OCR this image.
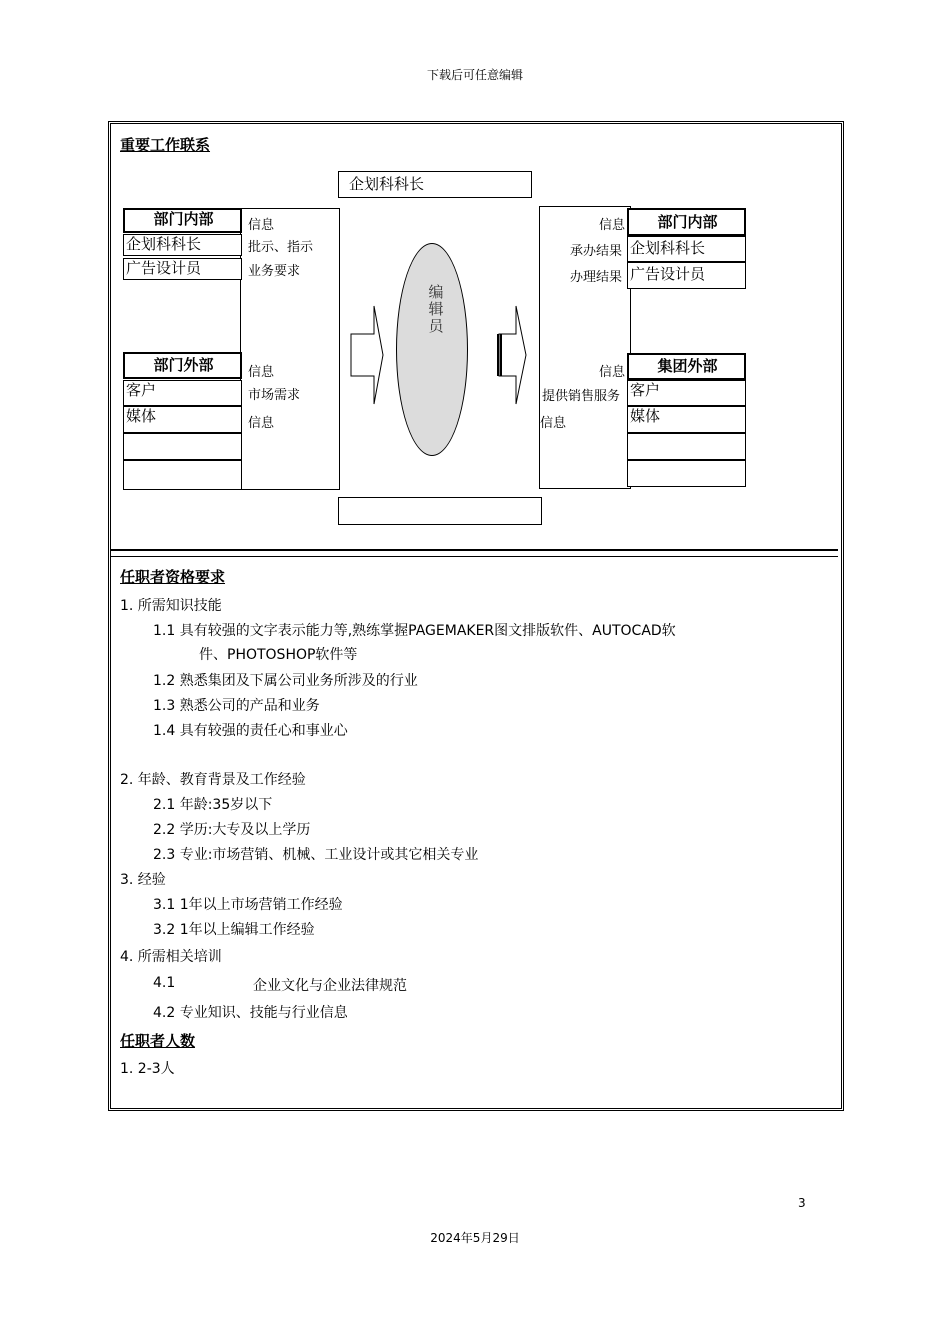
下载后可任意编辑
重要工作联系
企划科科长
部门内部
企划科科长
广告设计员
信息
批示、指示
业务要求
部门外部
客户
媒体
信息
市场需求
信息
部门内部
企划科科长
广告设计员
信息
承办结果
办理结果
集团外部
客户
媒体
信息
提供销售服务
信息
编辑员
任职者资格要求
1. 所需知识技能
1.1 具有较强的文字表示能力等,熟练掌握PAGEMAKER图文排版软件、AUTOCAD软
件、PHOTOSHOP软件等
1.2 熟悉集团及下属公司业务所涉及的行业
1.3 熟悉公司的产品和业务
1.4 具有较强的责任心和事业心
2. 年龄、教育背景及工作经验
2.1 年龄:35岁以下
2.2 学历:大专及以上学历
2.3 专业:市场营销、机械、工业设计或其它相关专业
3. 经验
3.1 1年以上市场营销工作经验
3.2 1年以上编辑工作经验
4. 所需相关培训
4.1	企业文化与企业法律规范
4.2 专业知识、技能与行业信息
任职者人数
1. 2-3人
3
2024年5月29日
